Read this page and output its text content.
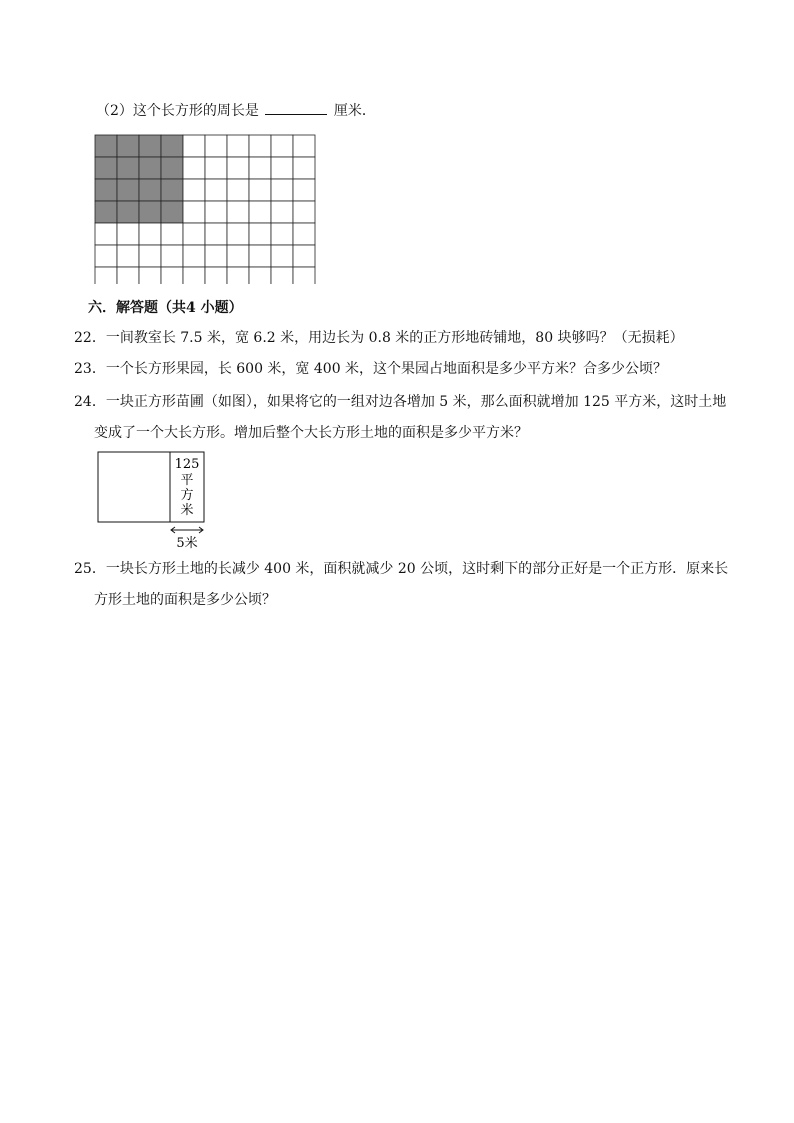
（2）这个长方形的周长是	厘米．
六．解答题（共4 小题）
22．一间教室长 7.5 米，宽 6.2 米，用边长为 0.8 米的正方形地砖铺地，80 块够吗？（无损耗）
23．一个长方形果园，长 600 米，宽 400 米，这个果园占地面积是多少平方米？合多少公顷？
24．一块正方形苗圃（如图），如果将它的一组对边各增加 5 米，那么面积就增加 125 平方米，这时土地
变成了一个大长方形。增加后整个大长方形土地的面积是多少平方米？
125
平
方
米
5米
25．一块长方形土地的长减少 400 米，面积就减少 20 公顷，这时剩下的部分正好是一个正方形．原来长
方形土地的面积是多少公顷？
